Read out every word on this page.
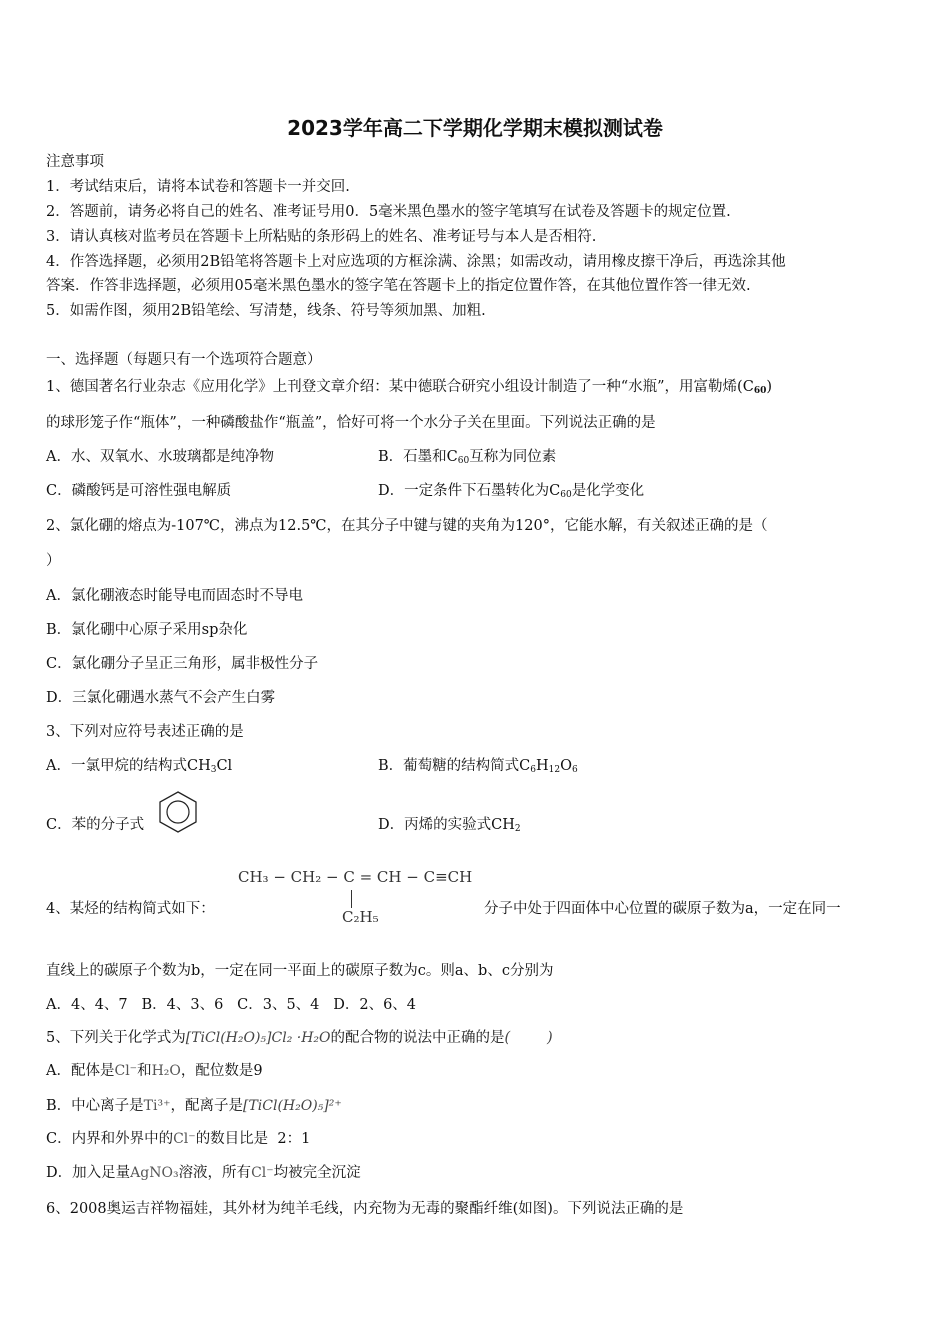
2023学年高二下学期化学期末模拟测试卷
注意事项
1．考试结束后，请将本试卷和答题卡一并交回.
2．答题前，请务必将自己的姓名、准考证号用0．5毫米黑色墨水的签字笔填写在试卷及答题卡的规定位置.
3．请认真核对监考员在答题卡上所粘贴的条形码上的姓名、准考证号与本人是否相符.
4．作答选择题，必须用2B铅笔将答题卡上对应选项的方框涂满、涂黑；如需改动，请用橡皮擦干净后，再选涂其他
答案．作答非选择题，必须用05毫米黑色墨水的签字笔在答题卡上的指定位置作答，在其他位置作答一律无效.
5．如需作图，须用2B铅笔绘、写清楚，线条、符号等须加黑、加粗.
一、选择题（每题只有一个选项符合题意）
1、德国著名行业杂志《应用化学》上刊登文章介绍：某中德联合研究小组设计制造了一种“水瓶”，用富勒烯$(C_{60})$
的球形笼子作“瓶体”，一种磷酸盐作“瓶盖”，恰好可将一个水分子关在里面。下列说法正确的是
A．水、双氧水、水玻璃都是纯净物	B．石墨和$C_{60}$互称为同位素
C．磷酸钙是可溶性强电解质	D．一定条件下石墨转化为$C_{60}$是化学变化
2、氯化硼的熔点为-107℃，沸点为12.5℃，在其分子中键与键的夹角为120°，它能水解，有关叙述正确的是（
）
A．氯化硼液态时能导电而固态时不导电
B．氯化硼中心原子采用sp杂化
C．氯化硼分子呈正三角形，属非极性分子
D．三氯化硼遇水蒸气不会产生白雾
3、下列对应符号表述正确的是
A．一氯甲烷的结构式$CH_3Cl$	B．葡萄糖的结构简式$C_6H_{12}O_6$
C．苯的分子式	D．丙烯的实验式$CH_2$
CH₃ − CH₂ − C = CH − C≡CH
C₂H₅
4、某烃的结构简式如下：	分子中处于四面体中心位置的碳原子数为a，一定在同一
直线上的碳原子个数为b，一定在同一平面上的碳原子数为c。则a、b、c分别为
A．4、4、7   B．4、3、6   C．3、5、4   D．2、6、4
5、下列关于化学式为[TiCl(H₂O)₅]Cl₂ ·H₂O的配合物的说法中正确的是(        )
A．配体是Cl⁻和H₂O，配位数是9
B．中心离子是Ti³⁺，配离子是[TiCl(H₂O)₅]²⁺
C．内界和外界中的Cl⁻的数目比是  2：1
D．加入足量AgNO₃溶液，所有Cl⁻均被完全沉淀
6、2008奥运吉祥物福娃，其外材为纯羊毛线，内充物为无毒的聚酯纤维(如图)。下列说法正确的是
